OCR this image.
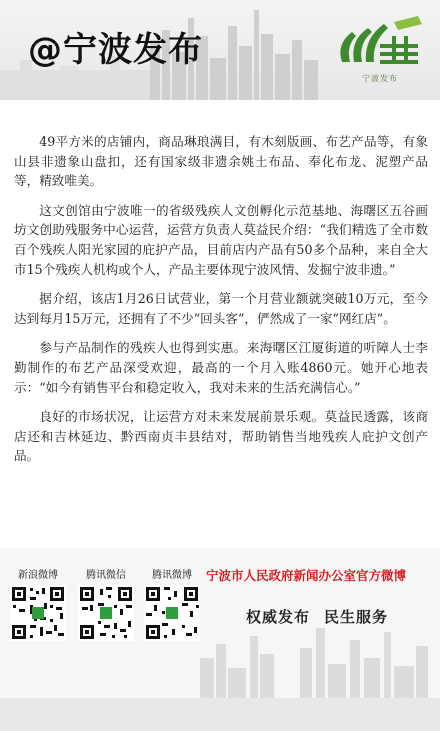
@宁波发布
宁波发布

49平方米的店铺内，商品琳琅满目，有木刻版画、布艺产品等，有象山县非遗象山盘扣，还有国家级非遗余姚土布品、奉化布龙、泥塑产品等，精致唯美。

这文创馆由宁波唯一的省级残疾人文创孵化示范基地、海曙区五谷画坊文创助残服务中心运营，运营方负责人莫益民介绍：“我们精选了全市数百个残疾人阳光家园的庇护产品，目前店内产品有50多个品种，来自全大市15个残疾人机构或个人，产品主要体现宁波风情、发掘宁波非遗。”

据介绍，该店1月26日试营业，第一个月营业额就突破10万元，至今达到每月15万元，还拥有了不少“回头客”，俨然成了一家“网红店”。

参与产品制作的残疾人也得到实惠。来海曙区江厦街道的听障人士李勤制作的布艺产品深受欢迎，最高的一个月入账4860元。她开心地表示：“如今有销售平台和稳定收入，我对未来的生活充满信心。”

良好的市场状况，让运营方对未来发展前景乐观。莫益民透露，该商店还和吉林延边、黔西南贞丰县结对，帮助销售当地残疾人庇护文创产品。

新浪微博	腾讯微信	腾讯微博	宁波市人民政府新闻办公室官方微博
权威发布 民生服务
